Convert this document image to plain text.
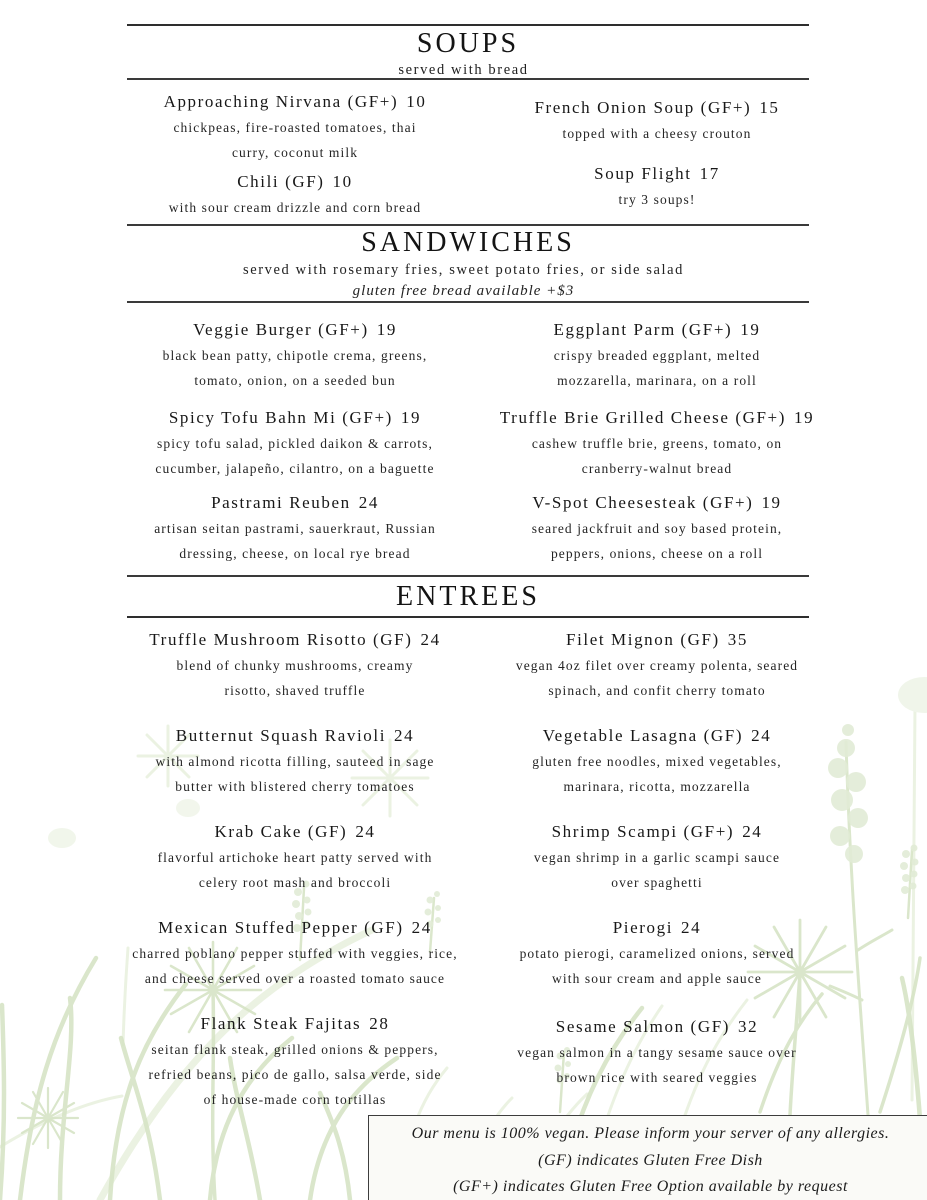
SOUPS
served with bread
Approaching Nirvana (GF+) 10
chickpeas, fire-roasted tomatoes, thai
curry, coconut milk
Chili (GF) 10
with sour cream drizzle and corn bread
French Onion Soup (GF+) 15
topped with a cheesy crouton
Soup Flight 17
try 3 soups!
SANDWICHES
served with rosemary fries, sweet potato fries, or side salad
gluten free bread available +$3
Veggie Burger (GF+) 19
black bean patty, chipotle crema, greens,
tomato, onion, on a seeded bun
Spicy Tofu Bahn Mi (GF+) 19
spicy tofu salad, pickled daikon & carrots,
cucumber, jalapeño, cilantro, on a baguette
Pastrami Reuben 24
artisan seitan pastrami, sauerkraut, Russian
dressing, cheese, on local rye bread
Eggplant Parm (GF+) 19
crispy breaded eggplant, melted
mozzarella, marinara, on a roll
Truffle Brie Grilled Cheese (GF+) 19
cashew truffle brie, greens, tomato, on
cranberry-walnut bread
V-Spot Cheesesteak (GF+) 19
seared jackfruit and soy based protein,
peppers, onions, cheese on a roll
ENTREES
Truffle Mushroom Risotto (GF) 24
blend of chunky mushrooms, creamy
risotto, shaved truffle
Butternut Squash Ravioli 24
with almond ricotta filling, sauteed in sage
butter with blistered cherry tomatoes
Krab Cake (GF) 24
flavorful artichoke heart patty served with
celery root mash and broccoli
Mexican Stuffed Pepper (GF) 24
charred poblano pepper stuffed with veggies, rice,
and cheese served over a roasted tomato sauce
Flank Steak Fajitas 28
seitan flank steak, grilled onions & peppers,
refried beans, pico de gallo, salsa verde, side
of house-made corn tortillas
Filet Mignon (GF) 35
vegan 4oz filet over creamy polenta, seared
spinach, and confit cherry tomato
Vegetable Lasagna (GF) 24
gluten free noodles, mixed vegetables,
marinara, ricotta, mozzarella
Shrimp Scampi (GF+) 24
vegan shrimp in a garlic scampi sauce
over spaghetti
Pierogi 24
potato pierogi, caramelized onions, served
with sour cream and apple sauce
Sesame Salmon (GF) 32
vegan salmon in a tangy sesame sauce over
brown rice with seared veggies
Our menu is 100% vegan. Please inform your server of any allergies.
(GF) indicates Gluten Free Dish
(GF+) indicates Gluten Free Option available by request
